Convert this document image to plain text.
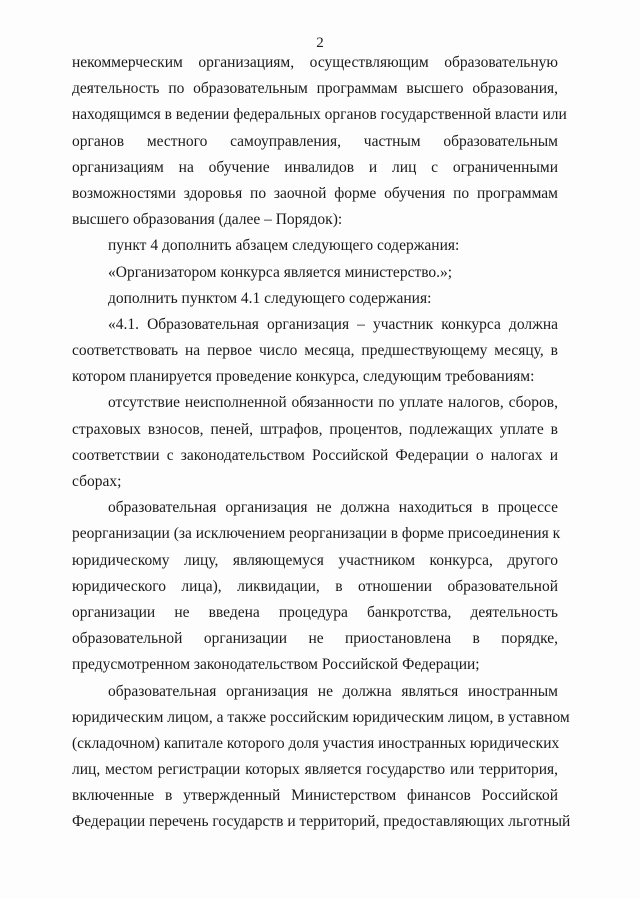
2
некоммерческим организациям, осуществляющим образовательную
деятельность по образовательным программам высшего образования,
находящимся в ведении федеральных органов государственной власти или
органов местного самоуправления, частным образовательным
организациям на обучение инвалидов и лиц с ограниченными
возможностями здоровья по заочной форме обучения по программам
высшего образования (далее – Порядок):
пункт 4 дополнить абзацем следующего содержания:
«Организатором конкурса является министерство.»;
дополнить пунктом 4.1 следующего содержания:
«4.1. Образовательная организация – участник конкурса должна
соответствовать на первое число месяца, предшествующему месяцу, в
котором планируется проведение конкурса, следующим требованиям:
отсутствие неисполненной обязанности по уплате налогов, сборов,
страховых взносов, пеней, штрафов, процентов, подлежащих уплате в
соответствии с законодательством Российской Федерации о налогах и
сборах;
образовательная организация не должна находиться в процессе
реорганизации (за исключением реорганизации в форме присоединения к
юридическому лицу, являющемуся участником конкурса, другого
юридического лица), ликвидации, в отношении образовательной
организации не введена процедура банкротства, деятельность
образовательной организации не приостановлена в порядке,
предусмотренном законодательством Российской Федерации;
образовательная организация не должна являться иностранным
юридическим лицом, а также российским юридическим лицом, в уставном
(складочном) капитале которого доля участия иностранных юридических
лиц, местом регистрации которых является государство или территория,
включенные в утвержденный Министерством финансов Российской
Федерации перечень государств и территорий, предоставляющих льготный
